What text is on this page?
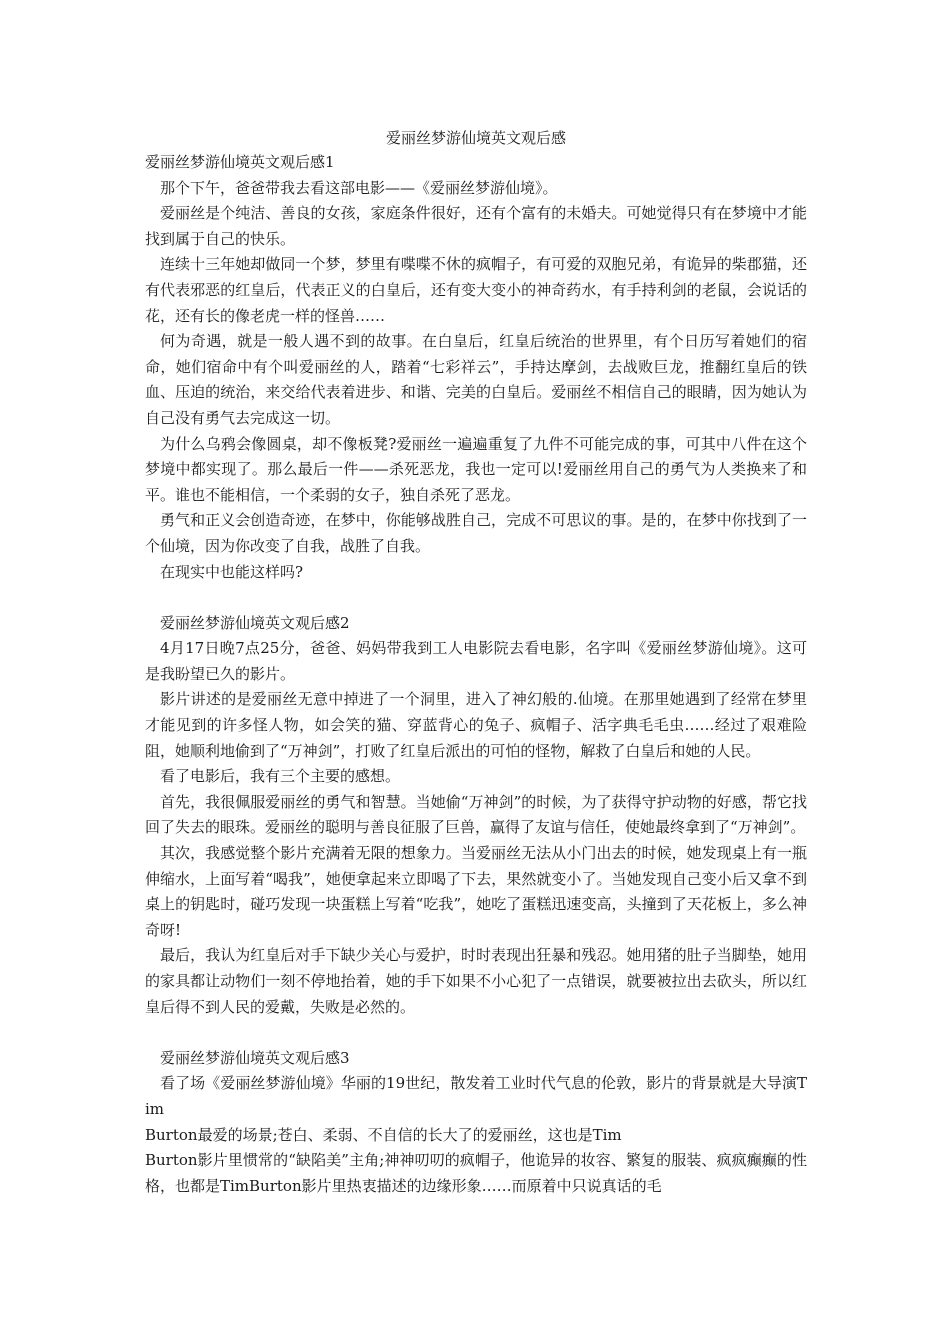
爱丽丝梦游仙境英文观后感

爱丽丝梦游仙境英文观后感1

那个下午，爸爸带我去看这部电影——《爱丽丝梦游仙境》。

爱丽丝是个纯洁、善良的女孩，家庭条件很好，还有个富有的未婚夫。可她觉得只有在梦境中才能找到属于自己的快乐。

连续十三年她却做同一个梦，梦里有喋喋不休的疯帽子，有可爱的双胞兄弟，有诡异的柴郡猫，还有代表邪恶的红皇后，代表正义的白皇后，还有变大变小的神奇药水，有手持利剑的老鼠，会说话的花，还有长的像老虎一样的怪兽……

何为奇遇，就是一般人遇不到的故事。在白皇后，红皇后统治的世界里，有个日历写着她们的宿命，她们宿命中有个叫爱丽丝的人，踏着“七彩祥云”，手持达摩剑，去战败巨龙，推翻红皇后的铁血、压迫的统治，来交给代表着进步、和谐、完美的白皇后。爱丽丝不相信自己的眼睛，因为她认为自己没有勇气去完成这一切。

为什么乌鸦会像圆桌，却不像板凳?爱丽丝一遍遍重复了九件不可能完成的事，可其中八件在这个梦境中都实现了。那么最后一件——杀死恶龙，我也一定可以!爱丽丝用自己的勇气为人类换来了和平。谁也不能相信，一个柔弱的女子，独自杀死了恶龙。

勇气和正义会创造奇迹，在梦中，你能够战胜自己，完成不可思议的事。是的，在梦中你找到了一个仙境，因为你改变了自我，战胜了自我。

在现实中也能这样吗?

爱丽丝梦游仙境英文观后感2

4月17日晚7点25分，爸爸、妈妈带我到工人电影院去看电影，名字叫《爱丽丝梦游仙境》。这可是我盼望已久的影片。

影片讲述的是爱丽丝无意中掉进了一个洞里，进入了神幻般的.仙境。在那里她遇到了经常在梦里才能见到的许多怪人物，如会笑的猫、穿蓝背心的兔子、疯帽子、活字典毛毛虫……经过了艰难险阻，她顺利地偷到了“万神剑”，打败了红皇后派出的可怕的怪物，解救了白皇后和她的人民。

看了电影后，我有三个主要的感想。

首先，我很佩服爱丽丝的勇气和智慧。当她偷“万神剑”的时候，为了获得守护动物的好感，帮它找回了失去的眼珠。爱丽丝的聪明与善良征服了巨兽，赢得了友谊与信任，使她最终拿到了“万神剑”。

其次，我感觉整个影片充满着无限的想象力。当爱丽丝无法从小门出去的时候，她发现桌上有一瓶伸缩水，上面写着“喝我”，她便拿起来立即喝了下去，果然就变小了。当她发现自己变小后又拿不到桌上的钥匙时，碰巧发现一块蛋糕上写着“吃我”，她吃了蛋糕迅速变高，头撞到了天花板上，多么神奇呀!

最后，我认为红皇后对手下缺少关心与爱护，时时表现出狂暴和残忍。她用猪的肚子当脚垫，她用的家具都让动物们一刻不停地抬着，她的手下如果不小心犯了一点错误，就要被拉出去砍头，所以红皇后得不到人民的爱戴，失败是必然的。

爱丽丝梦游仙境英文观后感3

看了场《爱丽丝梦游仙境》华丽的19世纪，散发着工业时代气息的伦敦，影片的背景就是大导演Tim

Burton最爱的场景;苍白、柔弱、不自信的长大了的爱丽丝，这也是Tim

Burton影片里惯常的“缺陷美”主角;神神叨叨的疯帽子，他诡异的妆容、繁复的服装、疯疯癫癫的性格，也都是TimBurton影片里热衷描述的边缘形象……而原着中只说真话的毛
